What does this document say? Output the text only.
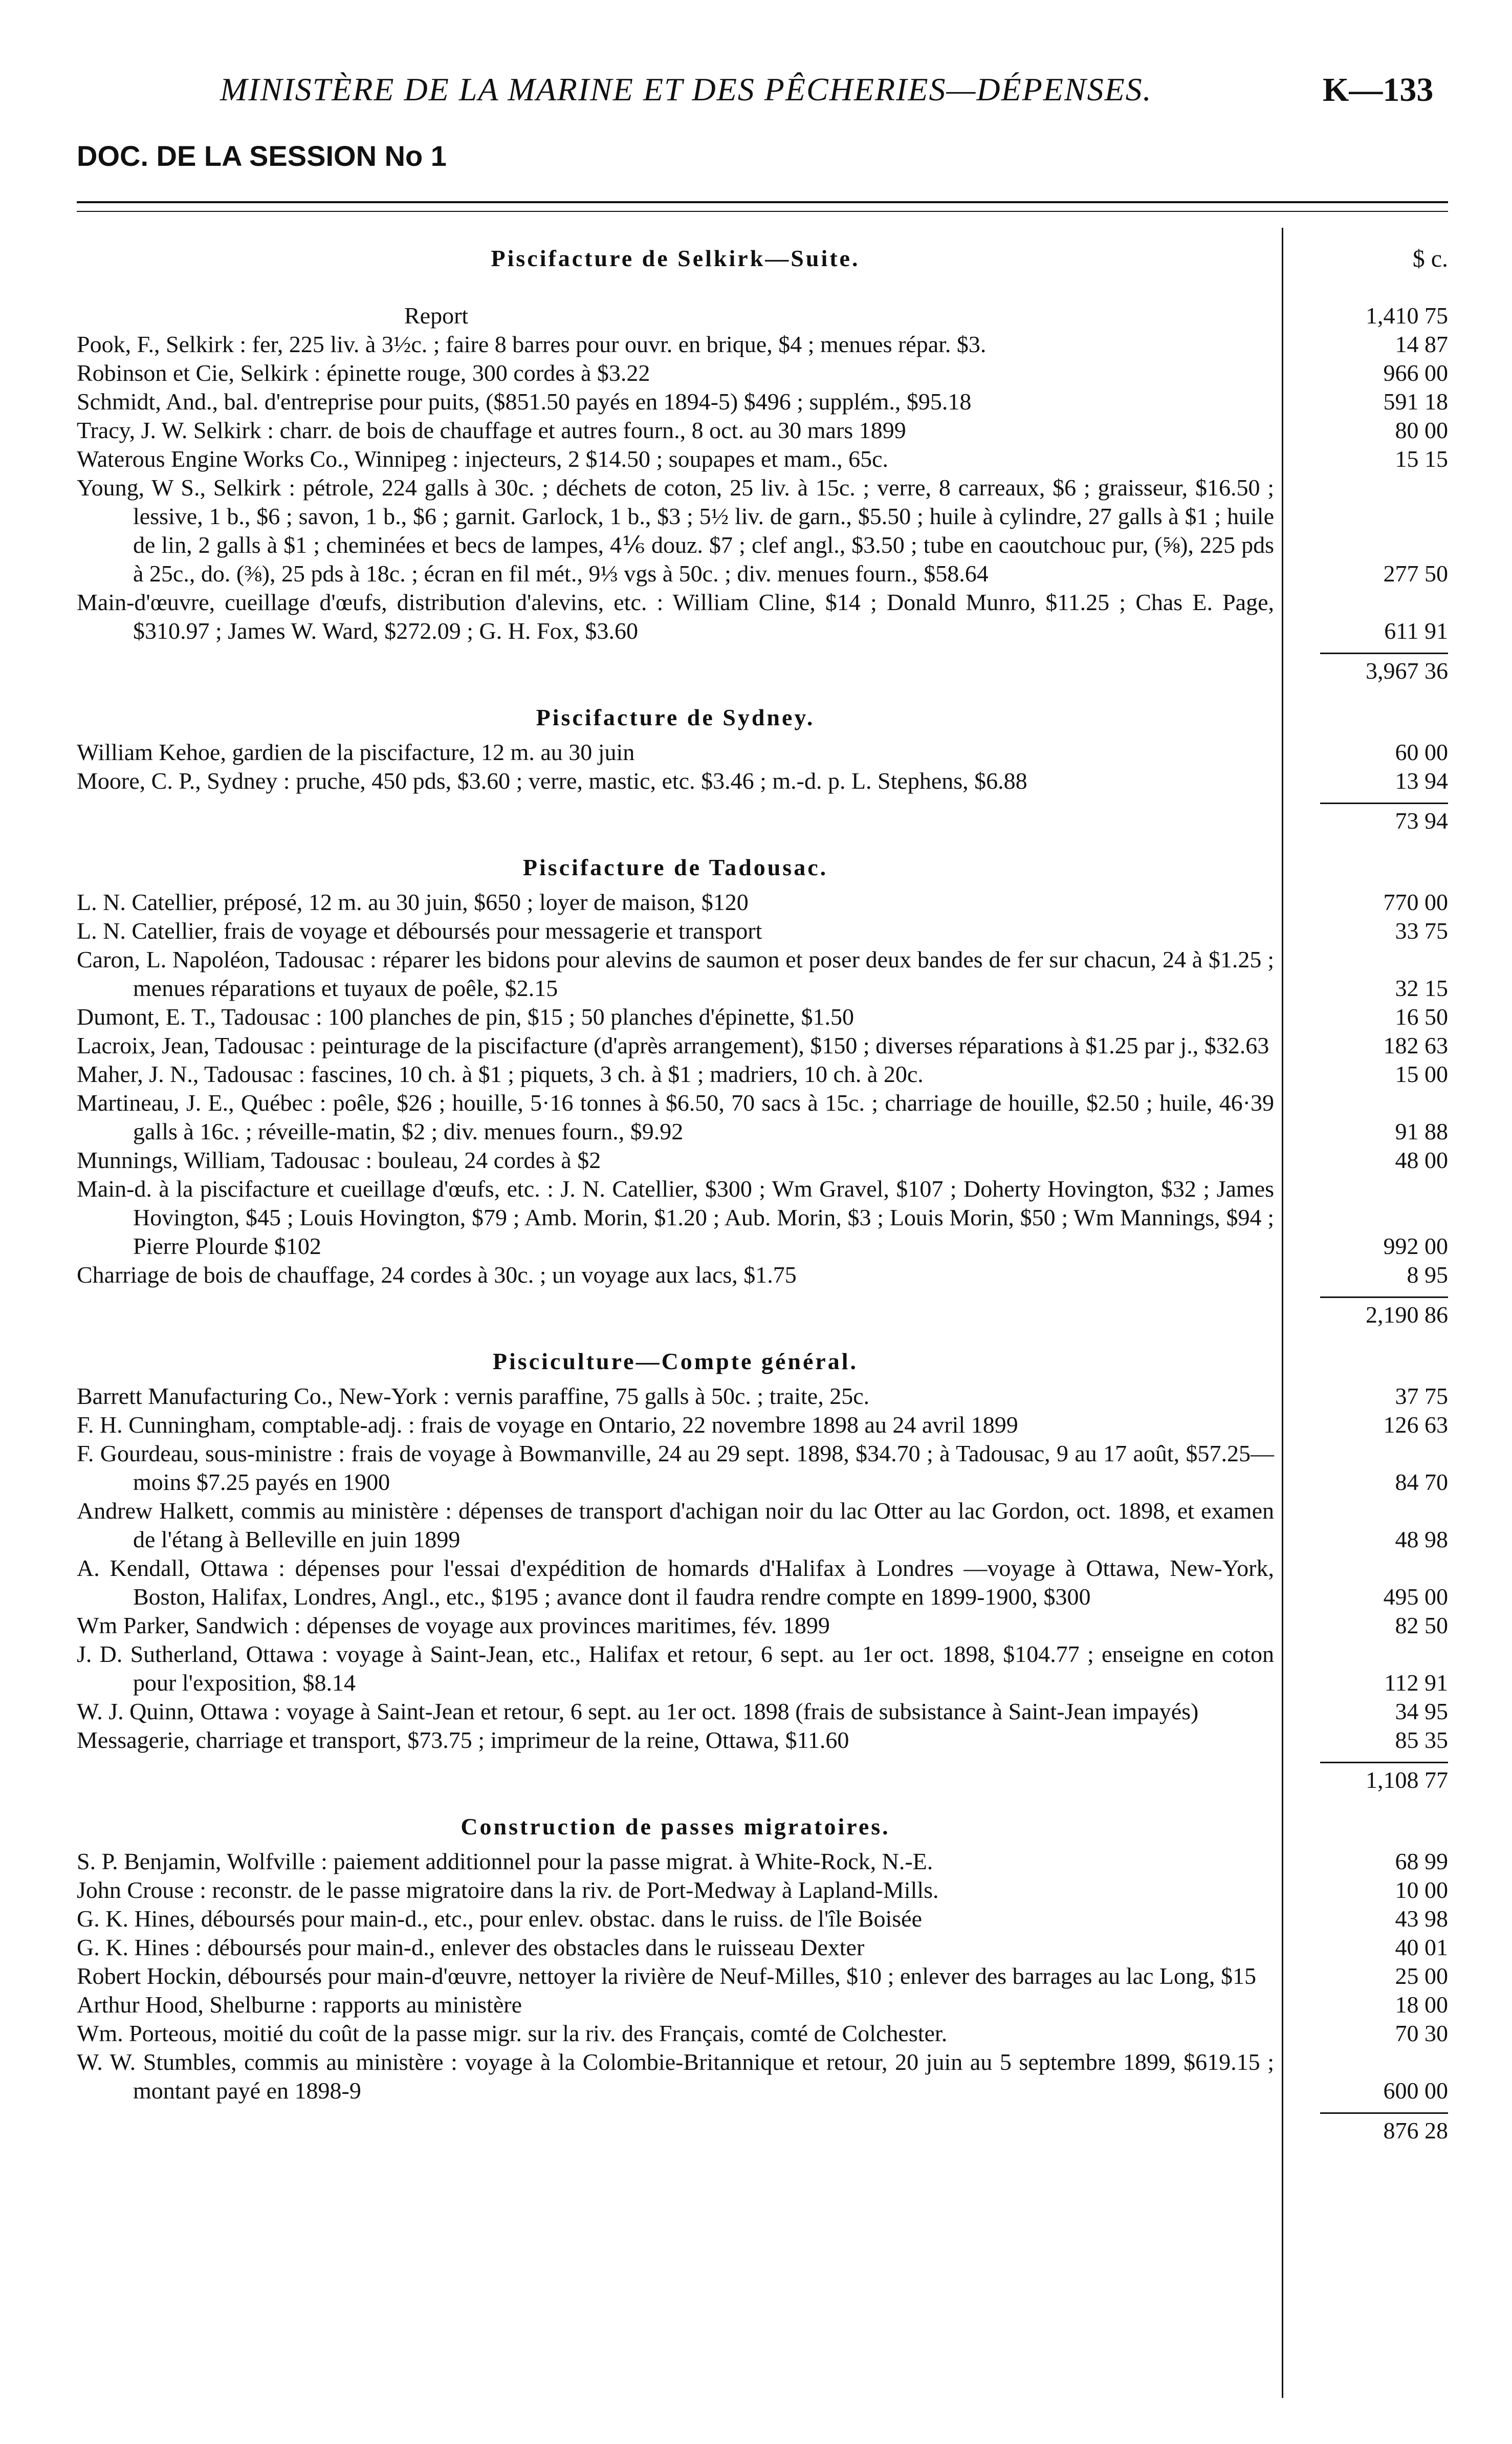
MINISTÈRE DE LA MARINE ET DES PÊCHERIES—DÉPENSES.	K—133
DOC. DE LA SESSION No 1
Piscifacture de Selkirk—Suite.	$ c.
Report	1,410 75
Pook, F., Selkirk : fer, 225 liv. à 3½c. ; faire 8 barres pour ouvr. en brique, $4 ; menues répar. $3.	14 87
Robinson et Cie, Selkirk : épinette rouge, 300 cordes à $3.22	966 00
Schmidt, And., bal. d'entreprise pour puits, ($851.50 payés en 1894-5) $496 ; supplém., $95.18	591 18
Tracy, J. W. Selkirk : charr. de bois de chauffage et autres fourn., 8 oct. au 30 mars 1899	80 00
Waterous Engine Works Co., Winnipeg : injecteurs, 2 $14.50 ; soupapes et mam., 65c.	15 15
Young, W S., Selkirk : pétrole, 224 galls à 30c. ; déchets de coton, 25 liv. à 15c. ; verre, 8 carreaux, $6 ; graisseur, $16.50 ; lessive, 1 b., $6 ; savon, 1 b., $6 ; garnit. Garlock, 1 b., $3 ; 5½ liv. de garn., $5.50 ; huile à cylindre, 27 galls à $1 ; huile de lin, 2 galls à $1 ; cheminées et becs de lampes, 4⅙ douz. $7 ; clef angl., $3.50 ; tube en caoutchouc pur, (⅝), 225 pds à 25c., do. (⅜), 25 pds à 18c. ; écran en fil mét., 9⅓ vgs à 50c. ; div. menues fourn., $58.64	277 50
Main-d'œuvre, cueillage d'œufs, distribution d'alevins, etc. : William Cline, $14 ; Donald Munro, $11.25 ; Chas E. Page, $310.97 ; James W. Ward, $272.09 ; G. H. Fox, $3.60	611 91
3,967 36
Piscifacture de Sydney.
William Kehoe, gardien de la piscifacture, 12 m. au 30 juin	60 00
Moore, C. P., Sydney : pruche, 450 pds, $3.60 ; verre, mastic, etc. $3.46 ; m.-d. p. L. Stephens, $6.88	13 94
73 94
Piscifacture de Tadousac.
L. N. Catellier, préposé, 12 m. au 30 juin, $650 ; loyer de maison, $120	770 00
L. N. Catellier, frais de voyage et déboursés pour messagerie et transport	33 75
Caron, L. Napoléon, Tadousac : réparer les bidons pour alevins de saumon et poser deux bandes de fer sur chacun, 24 à $1.25 ; menues réparations et tuyaux de poêle, $2.15	32 15
Dumont, E. T., Tadousac : 100 planches de pin, $15 ; 50 planches d'épinette, $1.50	16 50
Lacroix, Jean, Tadousac : peinturage de la piscifacture (d'après arrangement), $150 ; diverses réparations à $1.25 par j., $32.63	182 63
Maher, J. N., Tadousac : fascines, 10 ch. à $1 ; piquets, 3 ch. à $1 ; madriers, 10 ch. à 20c.	15 00
Martineau, J. E., Québec : poêle, $26 ; houille, 5·16 tonnes à $6.50, 70 sacs à 15c. ; charriage de houille, $2.50 ; huile, 46·39 galls à 16c. ; réveille-matin, $2 ; div. menues fourn., $9.92	91 88
Munnings, William, Tadousac : bouleau, 24 cordes à $2	48 00
Main-d. à la piscifacture et cueillage d'œufs, etc. : J. N. Catellier, $300 ; Wm Gravel, $107 ; Doherty Hovington, $32 ; James Hovington, $45 ; Louis Hovington, $79 ; Amb. Morin, $1.20 ; Aub. Morin, $3 ; Louis Morin, $50 ; Wm Mannings, $94 ; Pierre Plourde $102	992 00
Charriage de bois de chauffage, 24 cordes à 30c. ; un voyage aux lacs, $1.75	8 95
2,190 86
Pisciculture—Compte général.
Barrett Manufacturing Co., New-York : vernis paraffine, 75 galls à 50c. ; traite, 25c.	37 75
F. H. Cunningham, comptable-adj. : frais de voyage en Ontario, 22 novembre 1898 au 24 avril 1899	126 63
F. Gourdeau, sous-ministre : frais de voyage à Bowmanville, 24 au 29 sept. 1898, $34.70 ; à Tadousac, 9 au 17 août, $57.25—moins $7.25 payés en 1900	84 70
Andrew Halkett, commis au ministère : dépenses de transport d'achigan noir du lac Otter au lac Gordon, oct. 1898, et examen de l'étang à Belleville en juin 1899	48 98
A. Kendall, Ottawa : dépenses pour l'essai d'expédition de homards d'Halifax à Londres —voyage à Ottawa, New-York, Boston, Halifax, Londres, Angl., etc., $195 ; avance dont il faudra rendre compte en 1899-1900, $300	495 00
Wm Parker, Sandwich : dépenses de voyage aux provinces maritimes, fév. 1899	82 50
J. D. Sutherland, Ottawa : voyage à Saint-Jean, etc., Halifax et retour, 6 sept. au 1er oct. 1898, $104.77 ; enseigne en coton pour l'exposition, $8.14	112 91
W. J. Quinn, Ottawa : voyage à Saint-Jean et retour, 6 sept. au 1er oct. 1898 (frais de subsistance à Saint-Jean impayés)	34 95
Messagerie, charriage et transport, $73.75 ; imprimeur de la reine, Ottawa, $11.60	85 35
1,108 77
Construction de passes migratoires.
S. P. Benjamin, Wolfville : paiement additionnel pour la passe migrat. à White-Rock, N.-E.	68 99
John Crouse : reconstr. de le passe migratoire dans la riv. de Port-Medway à Lapland-Mills.	10 00
G. K. Hines, déboursés pour main-d., etc., pour enlev. obstac. dans le ruiss. de l'île Boisée	43 98
G. K. Hines : déboursés pour main-d., enlever des obstacles dans le ruisseau Dexter	40 01
Robert Hockin, déboursés pour main-d'œuvre, nettoyer la rivière de Neuf-Milles, $10 ; enlever des barrages au lac Long, $15	25 00
Arthur Hood, Shelburne : rapports au ministère	18 00
Wm. Porteous, moitié du coût de la passe migr. sur la riv. des Français, comté de Colchester.	70 30
W. W. Stumbles, commis au ministère : voyage à la Colombie-Britannique et retour, 20 juin au 5 septembre 1899, $619.15 ; montant payé en 1898-9	600 00
876 28
